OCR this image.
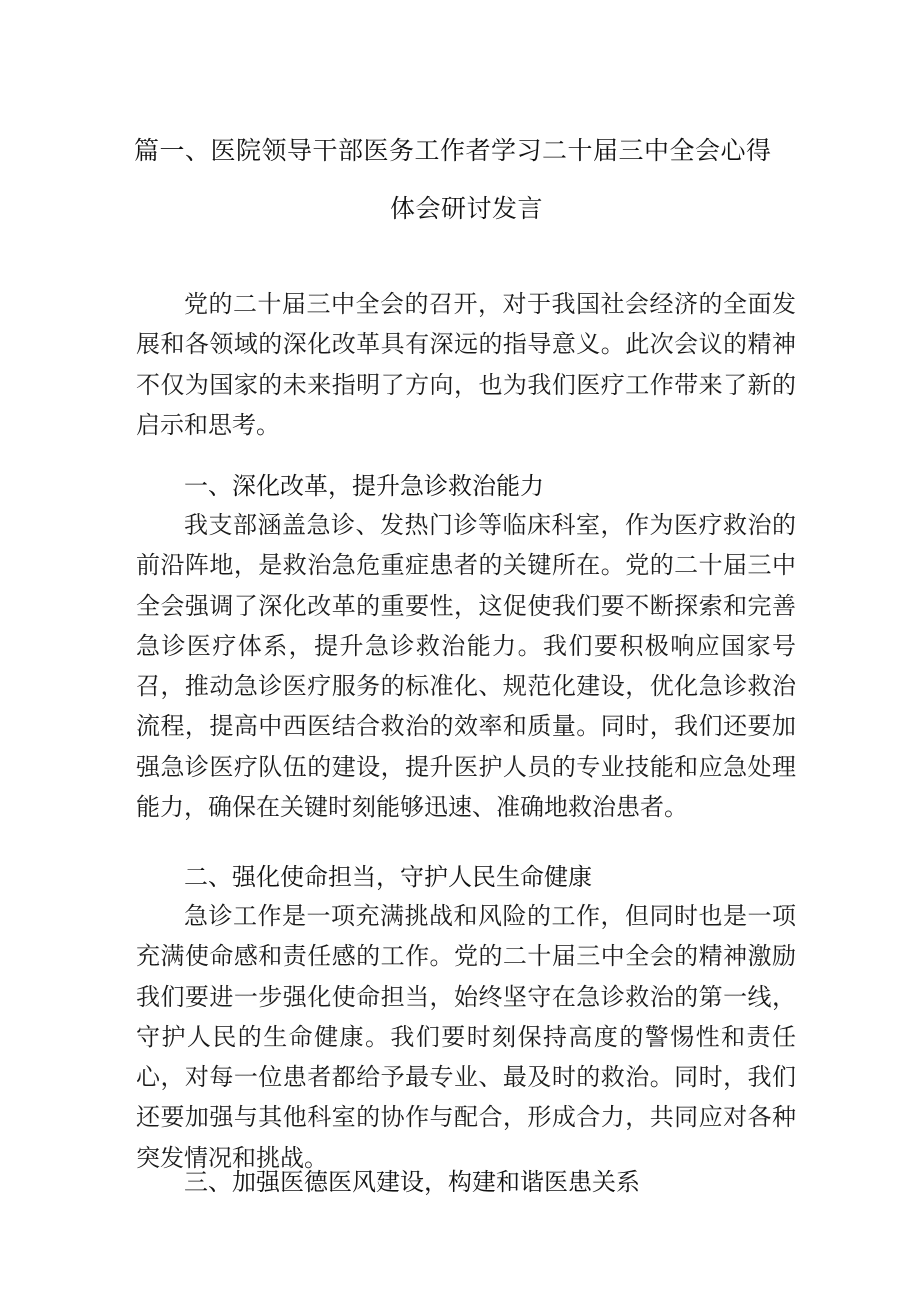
篇一、医院领导干部医务工作者学习二十届三中全会心得
体会研讨发言

党的二十届三中全会的召开，对于我国社会经济的全面发展和各领域的深化改革具有深远的指导意义。此次会议的精神不仅为国家的未来指明了方向，也为我们医疗工作带来了新的启示和思考。

一、深化改革，提升急诊救治能力

我支部涵盖急诊、发热门诊等临床科室，作为医疗救治的前沿阵地，是救治急危重症患者的关键所在。党的二十届三中全会强调了深化改革的重要性，这促使我们要不断探索和完善急诊医疗体系，提升急诊救治能力。我们要积极响应国家号召，推动急诊医疗服务的标准化、规范化建设，优化急诊救治流程，提高中西医结合救治的效率和质量。同时，我们还要加强急诊医疗队伍的建设，提升医护人员的专业技能和应急处理能力，确保在关键时刻能够迅速、准确地救治患者。

二、强化使命担当，守护人民生命健康

急诊工作是一项充满挑战和风险的工作，但同时也是一项充满使命感和责任感的工作。党的二十届三中全会的精神激励我们要进一步强化使命担当，始终坚守在急诊救治的第一线，守护人民的生命健康。我们要时刻保持高度的警惕性和责任心，对每一位患者都给予最专业、最及时的救治。同时，我们还要加强与其他科室的协作与配合，形成合力，共同应对各种突发情况和挑战。

三、加强医德医风建设，构建和谐医患关系
